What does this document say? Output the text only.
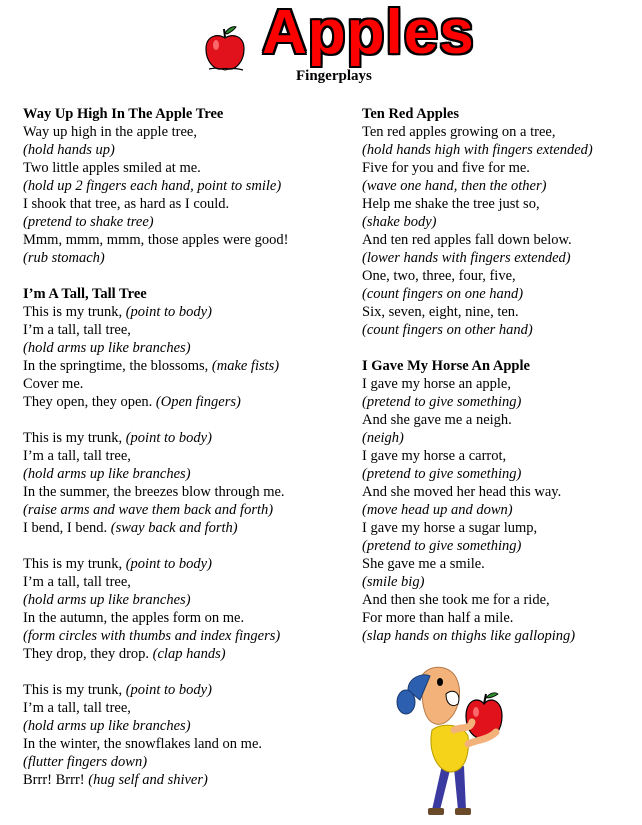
Apples
Fingerplays
Way Up High In The Apple Tree
Way up high in the apple tree,
(hold hands up)
Two little apples smiled at me.
(hold up 2 fingers each hand, point to smile)
I shook that tree, as hard as I could.
(pretend to shake tree)
Mmm, mmm, mmm, those apples were good!
(rub stomach)
I’m A Tall, Tall Tree
This is my trunk, (point to body)
I’m a tall, tall tree,
(hold arms up like branches)
In the springtime, the blossoms, (make fists)
Cover me.
They open, they open. (Open fingers)
This is my trunk, (point to body)
I’m a tall, tall tree,
(hold arms up like branches)
In the summer, the breezes blow through me.
(raise arms and wave them back and forth)
I bend, I bend. (sway back and forth)
This is my trunk, (point to body)
I’m a tall, tall tree,
(hold arms up like branches)
In the autumn, the apples form on me.
(form circles with thumbs and index fingers)
They drop, they drop. (clap hands)
This is my trunk, (point to body)
I’m a tall, tall tree,
(hold arms up like branches)
In the winter, the snowflakes land on me.
(flutter fingers down)
Brrr! Brrr! (hug self and shiver)
Ten Red Apples
Ten red apples growing on a tree,
(hold hands high with fingers extended)
Five for you and five for me.
(wave one hand, then the other)
Help me shake the tree just so,
(shake body)
And ten red apples fall down below.
(lower hands with fingers extended)
One, two, three, four, five,
(count fingers on one hand)
Six, seven, eight, nine, ten.
(count fingers on other hand)
I Gave My Horse An Apple
I gave my horse an apple,
(pretend to give something)
And she gave me a neigh.
(neigh)
I gave my horse a carrot,
(pretend to give something)
And she moved her head this way.
(move head up and down)
I gave my horse a sugar lump,
(pretend to give something)
She gave me a smile.
(smile big)
And then she took me for a ride,
For more than half a mile.
(slap hands on thighs like galloping)
